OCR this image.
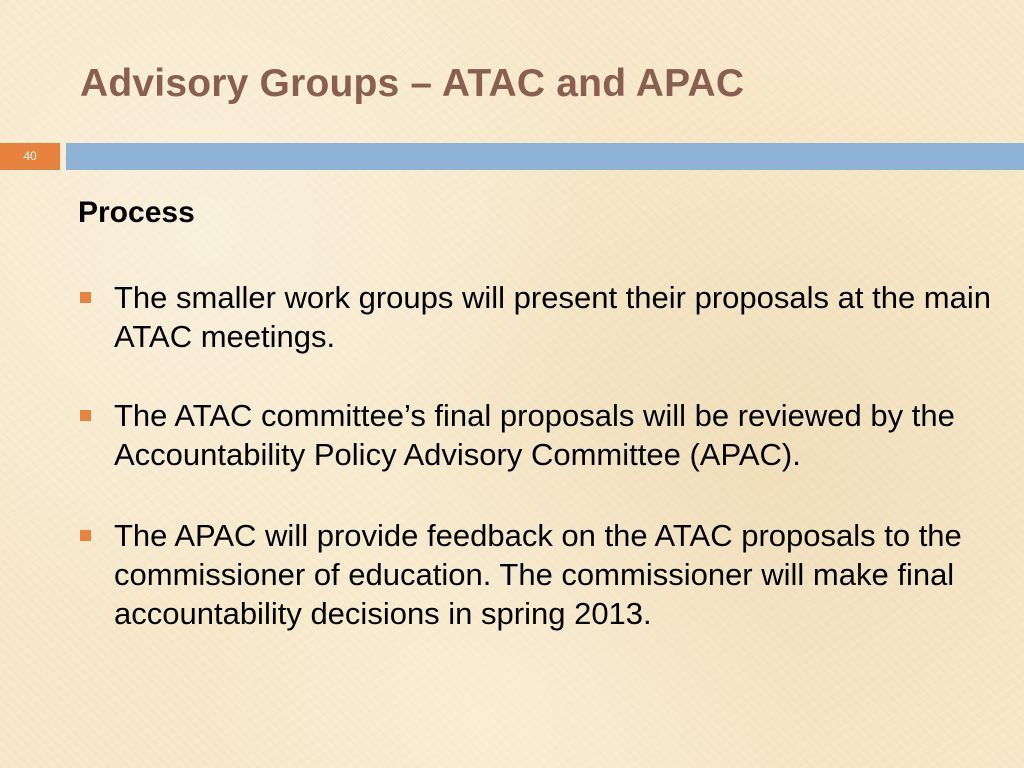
Advisory Groups – ATAC and APAC
40
Process
The smaller work groups will present their proposals at the main ATAC meetings.
The ATAC committee’s final proposals will be reviewed by the Accountability Policy Advisory Committee (APAC).
The APAC will provide feedback on the ATAC proposals to the commissioner of education. The commissioner will make final accountability decisions in spring 2013.
